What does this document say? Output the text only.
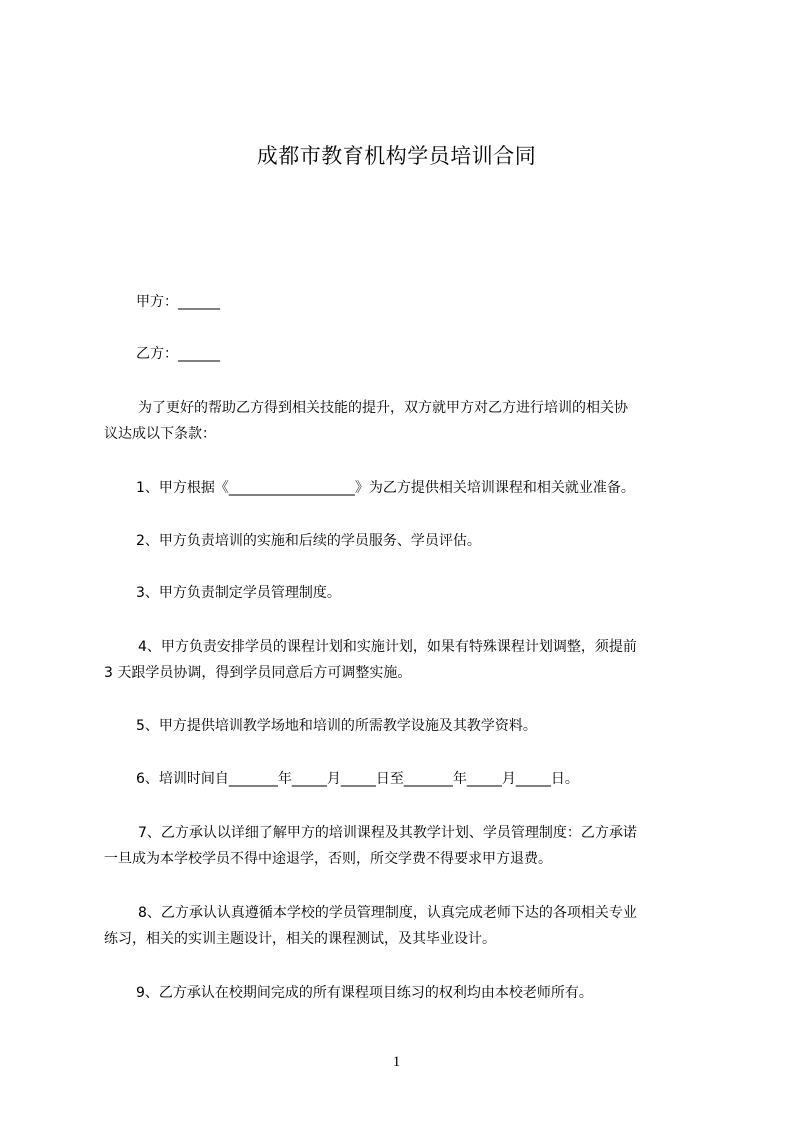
成都市教育机构学员培训合同
甲方：______
乙方：______
为了更好的帮助乙方得到相关技能的提升，双方就甲方对乙方进行培训的相关协
议达成以下条款：
1、甲方根据《__________________》为乙方提供相关培训课程和相关就业准备。
2、甲方负责培训的实施和后续的学员服务、学员评估。
3、甲方负责制定学员管理制度。
4、甲方负责安排学员的课程计划和实施计划，如果有特殊课程计划调整，须提前
3 天跟学员协调，得到学员同意后方可调整实施。
5、甲方提供培训教学场地和培训的所需教学设施及其教学资料。
6、培训时间自_______年_____月_____日至_______年_____月_____日。
7、乙方承认以详细了解甲方的培训课程及其教学计划、学员管理制度：乙方承诺
一旦成为本学校学员不得中途退学，否则，所交学费不得要求甲方退费。
8、乙方承认认真遵循本学校的学员管理制度，认真完成老师下达的各项相关专业
练习，相关的实训主题设计，相关的课程测试，及其毕业设计。
9、乙方承认在校期间完成的所有课程项目练习的权利均由本校老师所有。
1
